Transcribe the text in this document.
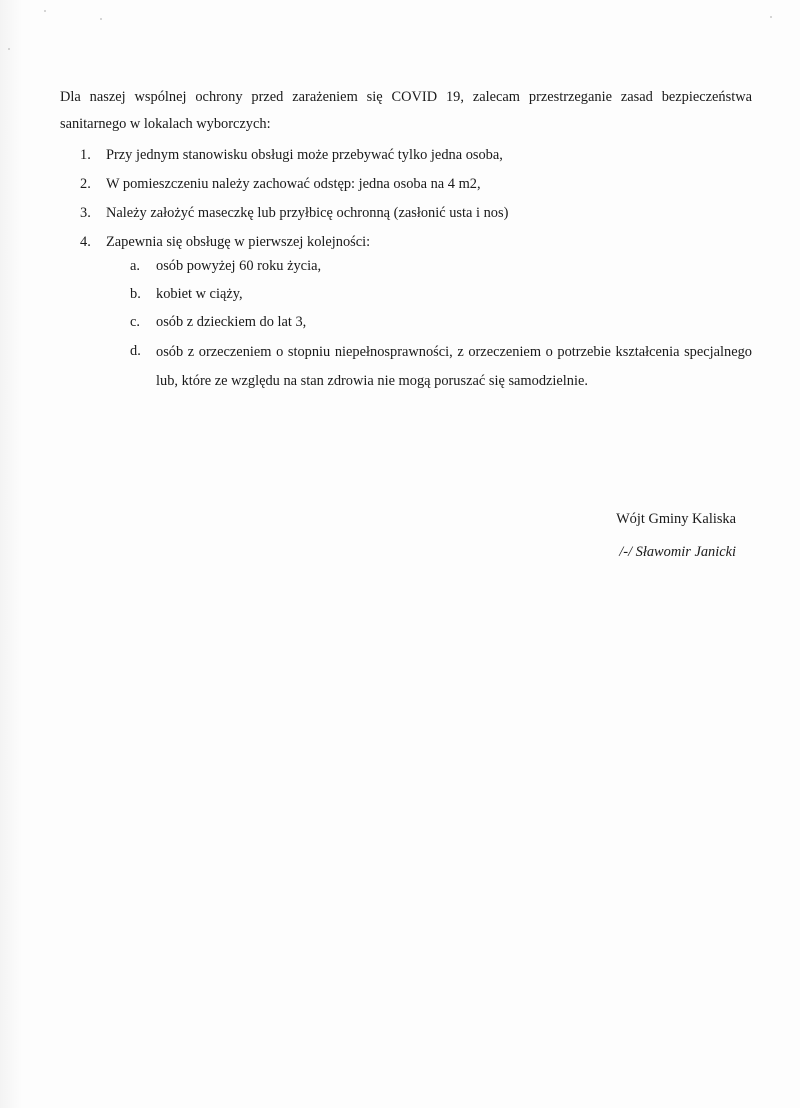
Dla naszej wspólnej ochrony przed zarażeniem się COVID 19, zalecam przestrzeganie zasad bezpieczeństwa sanitarnego w lokalach wyborczych:

1. Przy jednym stanowisku obsługi może przebywać tylko jedna osoba,
2. W pomieszczeniu należy zachować odstęp: jedna osoba na 4 m2,
3. Należy założyć maseczkę lub przyłbicę ochronną (zasłonić usta i nos)
4. Zapewnia się obsługę w pierwszej kolejności:
a. osób powyżej 60 roku życia,
b. kobiet w ciąży,
c. osób z dzieckiem do lat 3,
d. osób z orzeczeniem o stopniu niepełnosprawności, z orzeczeniem o potrzebie kształcenia specjalnego lub, które ze względu na stan zdrowia nie mogą poruszać się samodzielnie.
Wójt Gminy Kaliska
/-/ Sławomir Janicki
